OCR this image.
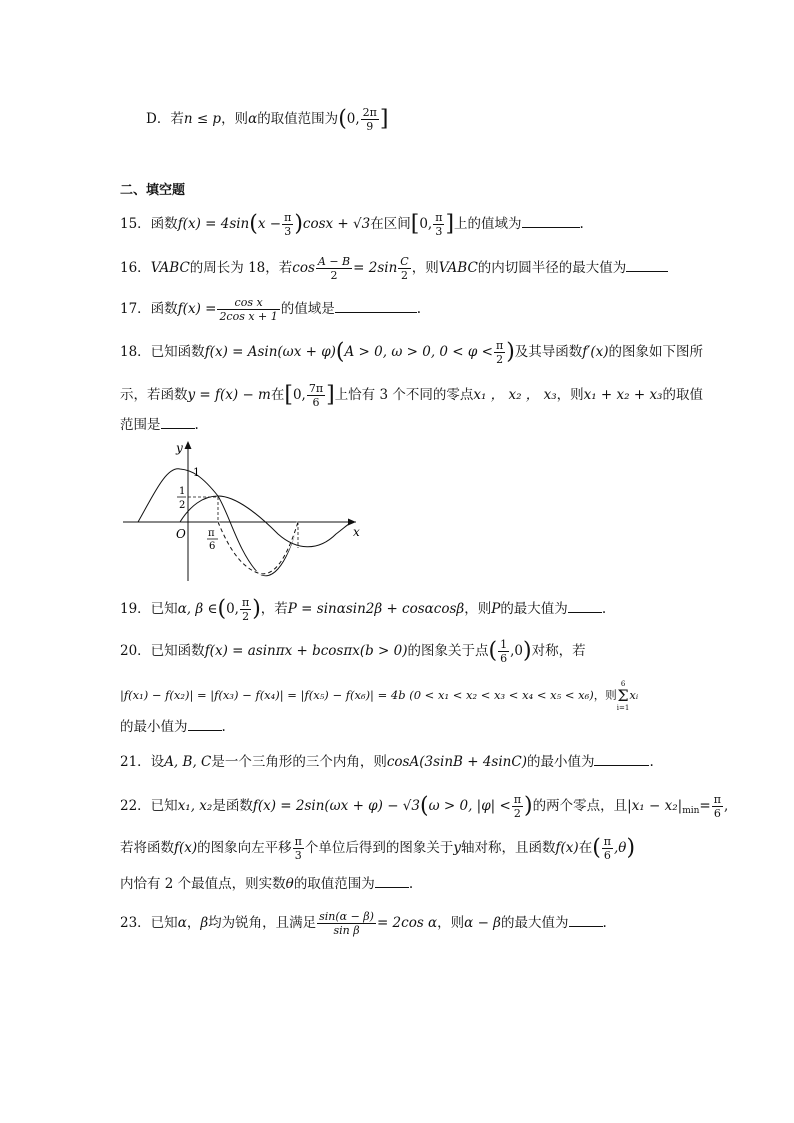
D．若n ≤ p，则α的取值范围为(0, $\frac{2\pi}{9}$ ]
二、填空题
15．函数$f(x) = 4\sin(x - \frac{\pi}{3} )\cos x + √3$在区间[0, $\frac{\pi}{3}$ ]上的值域为	.
16．VABC的周长为 18，若$\cos \frac{A - B}{2} = 2\sin \frac{C}{2}$ ，则VABC的内切圆半径的最大值为
17．函数$f(x) = \frac{\text{cos x}}{\text{2cos x + 1}}$ 的值域是	.
18．已知函数f(x) = Asin(ωx + φ)(A > 0, ω > 0, $0 < \varphi < \frac{\pi}{2}$ )及其导函数f′(x)的图象如下图所
示，若函数y = f(x) − m在[0, $\frac{7\pi}{6}$ ]上恰有 3 个不同的零点x₁ ， x₂ ， x₃，则x₁ + x₂ + x₃的取值
范围是	.
y
x
O
1
1
2
π
6
19．已知α, β ∈(0, $\frac{\pi}{2}$ )，若P = sinαsin2β + cosαcosβ，则P的最大值为	.
20．已知函数f(x) = asinπx + bcosπx(b > 0)的图象关于点( $\frac{1}{6} ,0$)对称，若
|f(x₁) − f(x₂)| = |f(x₃) − f(x₄)| = |f(x₅) − f(x₆)| = 4b (0 < x₁ < x₂ < x₃ < x₄ < x₅ < x₆)，则6
Σ
i=1xᵢ
的最小值为	.
21．设A, B, C是一个三角形的三个内角，则cosA(3sinB + 4sinC)的最小值为	.
22．已知x₁, x₂是函数f(x) = 2sin(ωx + φ) − √3(ω > 0, $|\varphi| < \frac{\pi}{2}$ )的两个零点，且$|x_1 - x_2|_{min}= \frac{\pi}{6}$ ,
若将函数f(x)的图象向左平移 $\frac{\pi}{3}$ 个单位后得到的图象关于y轴对称，且函数f(x)在( $\frac{\pi}{6} ,\theta$)
内恰有 2 个最值点，则实数θ的取值范围为	.
23．已知α，β均为锐角，且满足 $\frac{\sin(\alpha - \beta)}{\text{sin β}} = 2\cos$ α，则α − β的最大值为	.
